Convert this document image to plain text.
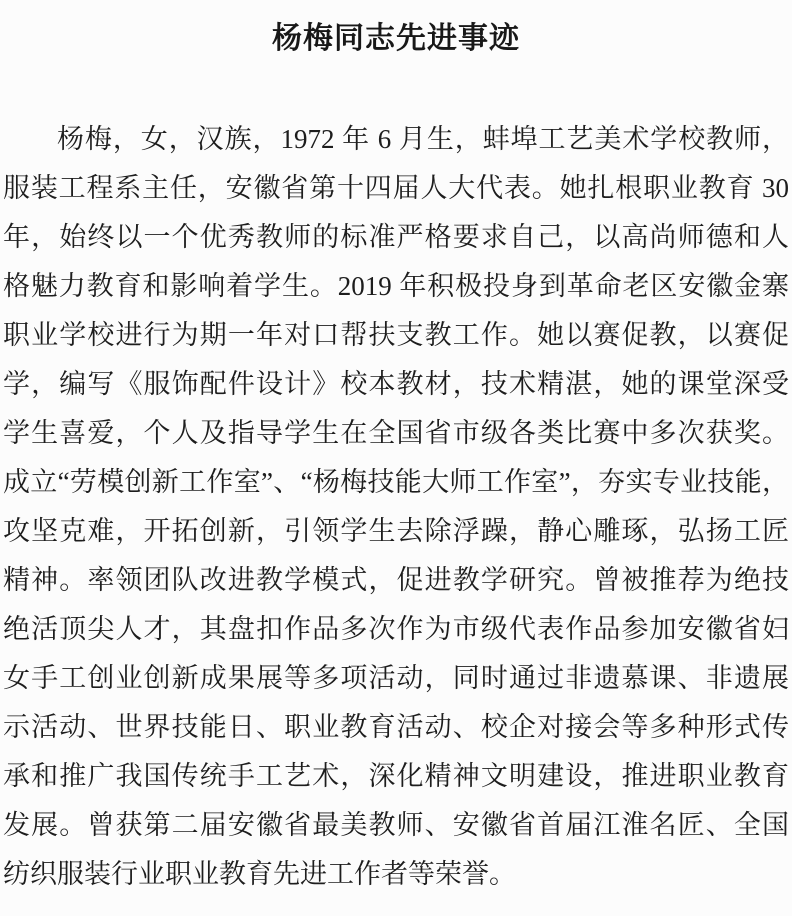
杨梅同志先进事迹
杨梅，女，汉族，1972 年 6 月生，蚌埠工艺美术学校教师，
服装工程系主任，安徽省第十四届人大代表。她扎根职业教育 30
年，始终以一个优秀教师的标准严格要求自己，以高尚师德和人
格魅力教育和影响着学生。2019 年积极投身到革命老区安徽金寨
职业学校进行为期一年对口帮扶支教工作。她以赛促教，以赛促
学，编写《服饰配件设计》校本教材，技术精湛，她的课堂深受
学生喜爱，个人及指导学生在全国省市级各类比赛中多次获奖。
成立“劳模创新工作室”、“杨梅技能大师工作室”，夯实专业技能，
攻坚克难，开拓创新，引领学生去除浮躁，静心雕琢，弘扬工匠
精神。率领团队改进教学模式，促进教学研究。曾被推荐为绝技
绝活顶尖人才，其盘扣作品多次作为市级代表作品参加安徽省妇
女手工创业创新成果展等多项活动，同时通过非遗慕课、非遗展
示活动、世界技能日、职业教育活动、校企对接会等多种形式传
承和推广我国传统手工艺术，深化精神文明建设，推进职业教育
发展。曾获第二届安徽省最美教师、安徽省首届江淮名匠、全国
纺织服装行业职业教育先进工作者等荣誉。
